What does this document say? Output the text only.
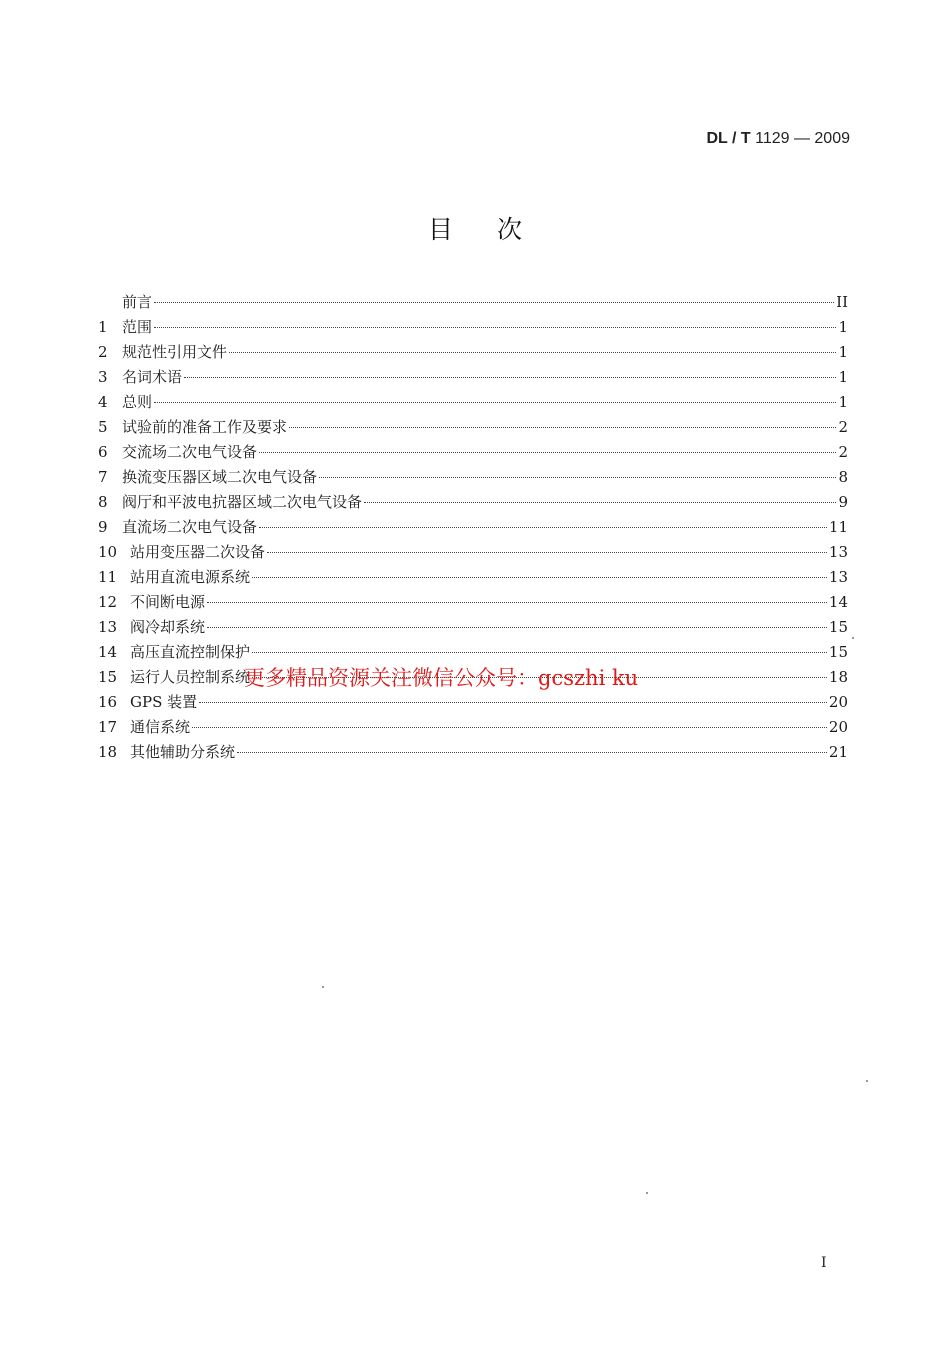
DL / T 1129 — 2009
目次
前言	II
1 范围	1
2 规范性引用文件	1
3 名词术语	1
4 总则	1
5 试验前的准备工作及要求	2
6 交流场二次电气设备	2
7 换流变压器区域二次电气设备	8
8 阀厅和平波电抗器区域二次电气设备	9
9 直流场二次电气设备	11
10 站用变压器二次设备	13
11 站用直流电源系统	13
12 不间断电源	14
13 阀冷却系统	15
14 高压直流控制保护	15
15 运行人员控制系统	18
16 GPS 装置	20
17 通信系统	20
18 其他辅助分系统	21
更多精品资源关注微信公众号：gcszhi ku
I
